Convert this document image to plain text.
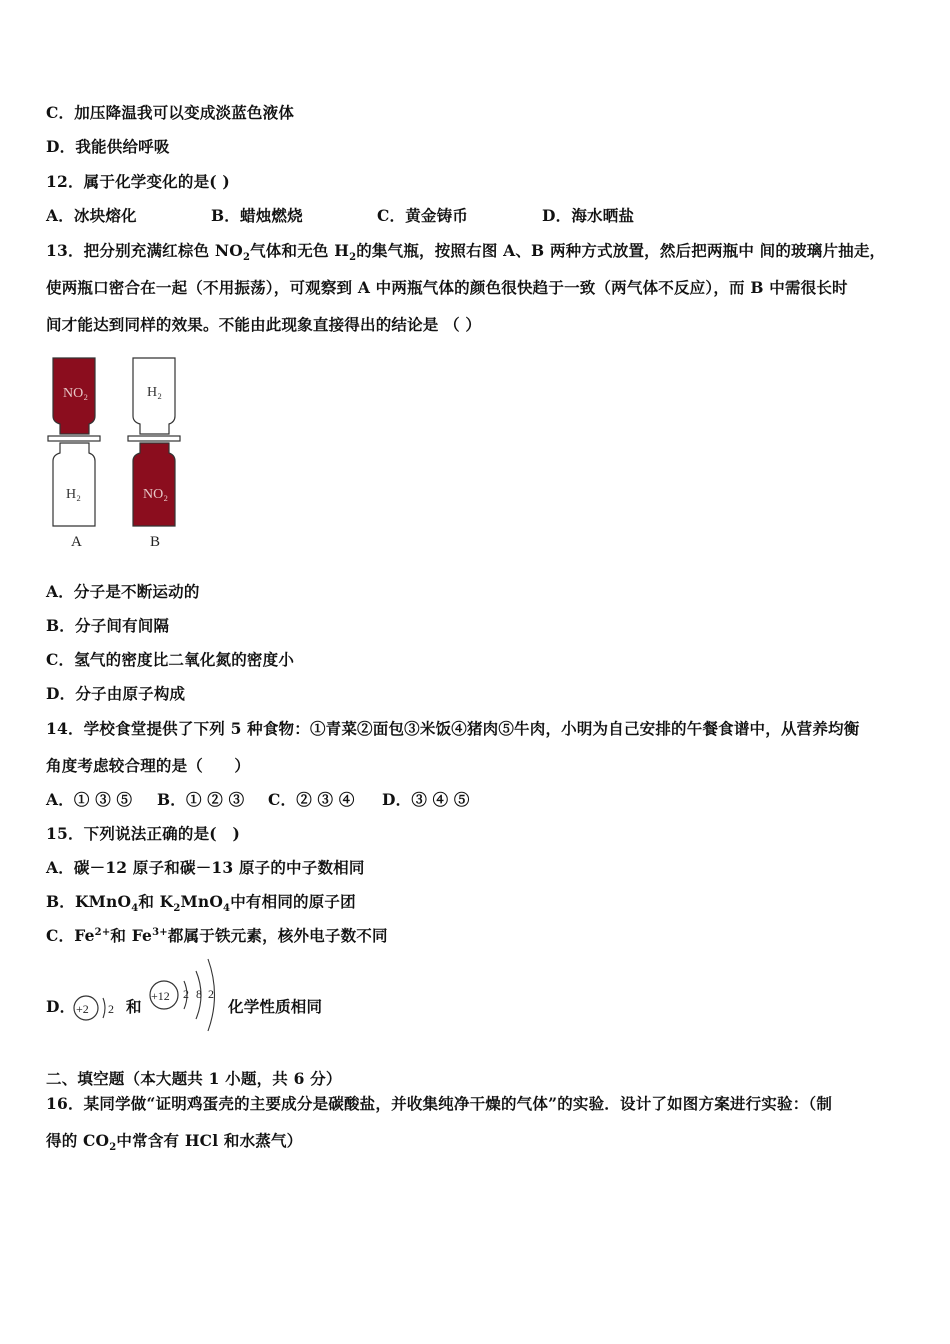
C．加压降温我可以变成淡蓝色液体
D．我能供给呼吸
12．属于化学变化的是( )
A．冰块熔化	B．蜡烛燃烧	C．黄金铸币	D．海水晒盐
13．把分别充满红棕色 $NO_2$气体和无色 $H_2$的集气瓶，按照右图 A、B 两种方式放置，然后把两瓶中 间的玻璃片抽走，
使两瓶口密合在一起（不用振荡），可观察到 A 中两瓶气体的颜色很快趋于一致（两气体不反应），而 B 中需很长时
间才能达到同样的效果。不能由此现象直接得出的结论是 （ ）
NO₂
H₂
A
H₂
NO₂
B
A．分子是不断运动的
B．分子间有间隔
C．氢气的密度比二氧化氮的密度小
D．分子由原子构成
14．学校食堂提供了下列 5 种食物：①青菜②面包③米饭④猪肉⑤牛肉，小明为自己安排的午餐食谱中，从营养均衡
角度考虑较合理的是（　　）
A．① ③ ⑤ B．① ② ③ C．② ③ ④ D．③ ④ ⑤
15．下列说法正确的是(　)
A．碳－12 原子和碳－13 原子的中子数相同
B．KMnO$_4$和 $K_2MnO_4$中有相同的原子团
C．$Fe^{2+}$和 $Fe^{3+}$都属于铁元素，核外电子数不同
D． +2 2 和
+12 2 8 2
化学性质相同
二、填空题（本大题共 1 小题，共 6 分）
16．某同学做“证明鸡蛋壳的主要成分是碳酸盐，并收集纯净干燥的气体”的实验．设计了如图方案进行实验：（制
得的 $CO_2$中常含有 HCl 和水蒸气）
